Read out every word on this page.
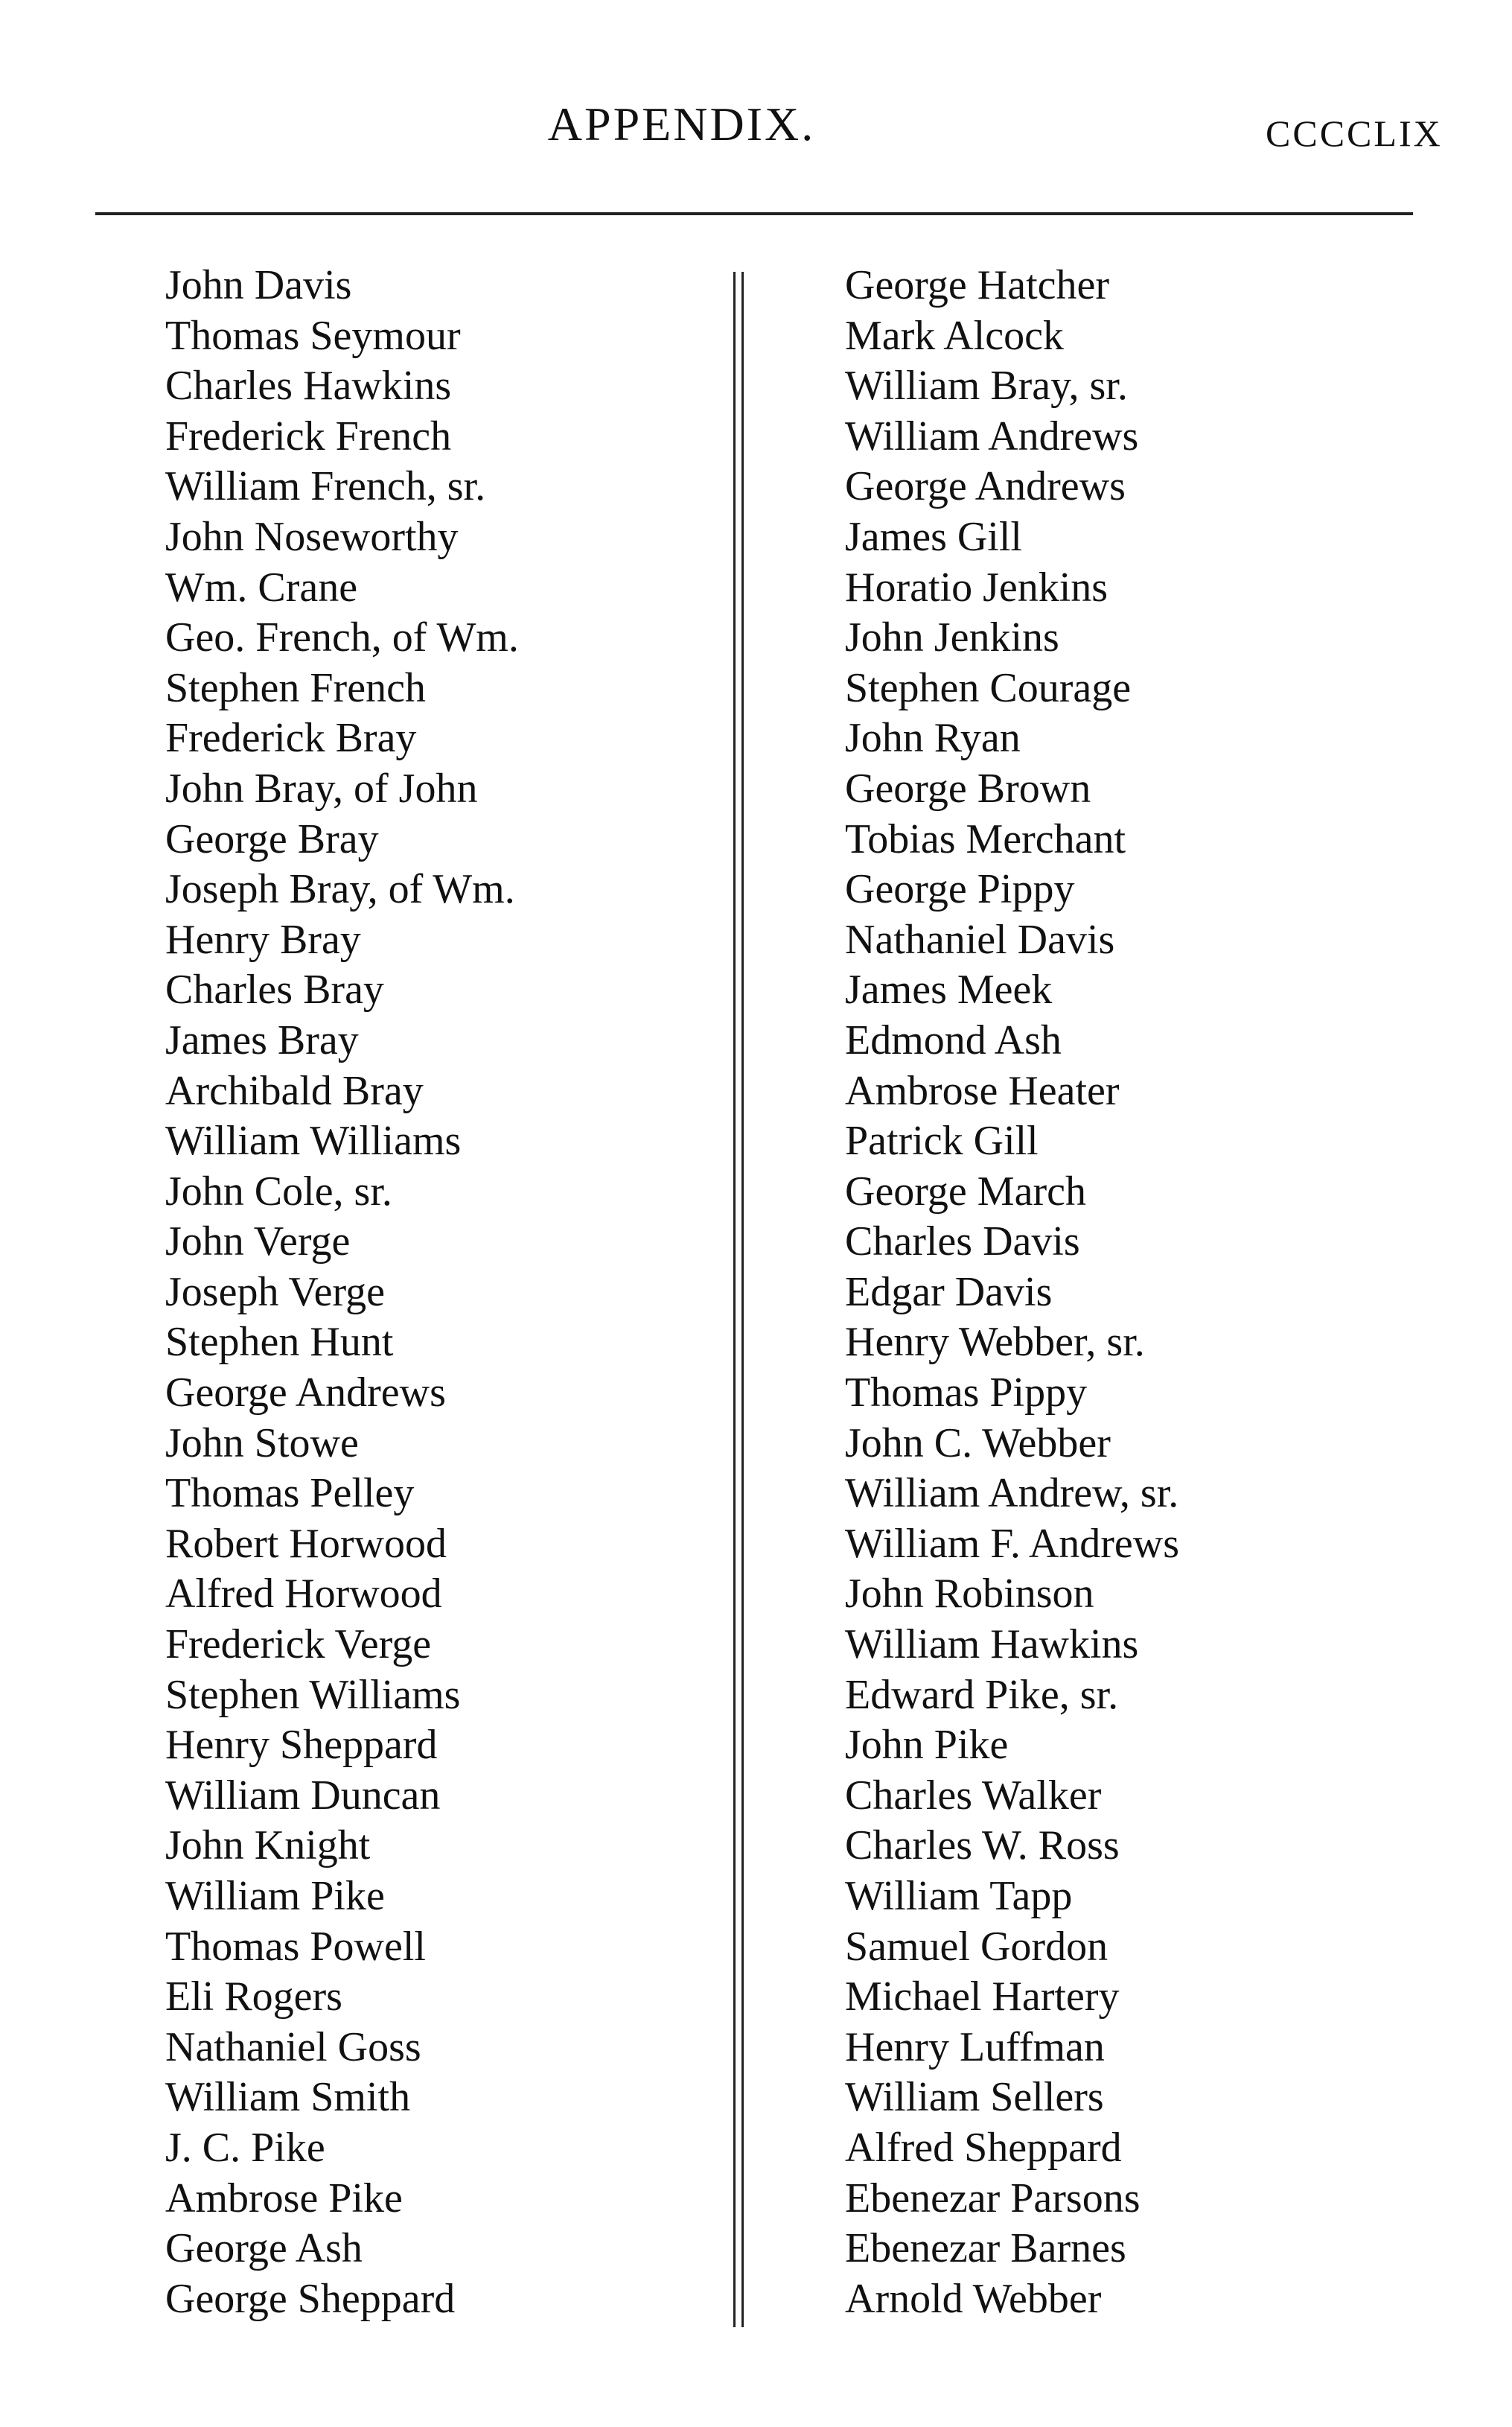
APPENDIX.	CCCCLIX
John Davis
Thomas Seymour
Charles Hawkins
Frederick French
William French, sr.
John Noseworthy
Wm. Crane
Geo. French, of Wm.
Stephen French
Frederick Bray
John Bray, of John
George Bray
Joseph Bray, of Wm.
Henry Bray
Charles Bray
James Bray
Archibald Bray
William Williams
John Cole, sr.
John Verge
Joseph Verge
Stephen Hunt
George Andrews
John Stowe
Thomas Pelley
Robert Horwood
Alfred Horwood
Frederick Verge
Stephen Williams
Henry Sheppard
William Duncan
John Knight
William Pike
Thomas Powell
Eli Rogers
Nathaniel Goss
William Smith
J. C. Pike
Ambrose Pike
George Ash
George Sheppard
George Hatcher
Mark Alcock
William Bray, sr.
William Andrews
George Andrews
James Gill
Horatio Jenkins
John Jenkins
Stephen Courage
John Ryan
George Brown
Tobias Merchant
George Pippy
Nathaniel Davis
James Meek
Edmond Ash
Ambrose Heater
Patrick Gill
George March
Charles Davis
Edgar Davis
Henry Webber, sr.
Thomas Pippy
John C. Webber
William Andrew, sr.
William F. Andrews
John Robinson
William Hawkins
Edward Pike, sr.
John Pike
Charles Walker
Charles W. Ross
William Tapp
Samuel Gordon
Michael Hartery
Henry Luffman
William Sellers
Alfred Sheppard
Ebenezar Parsons
Ebenezar Barnes
Arnold Webber
